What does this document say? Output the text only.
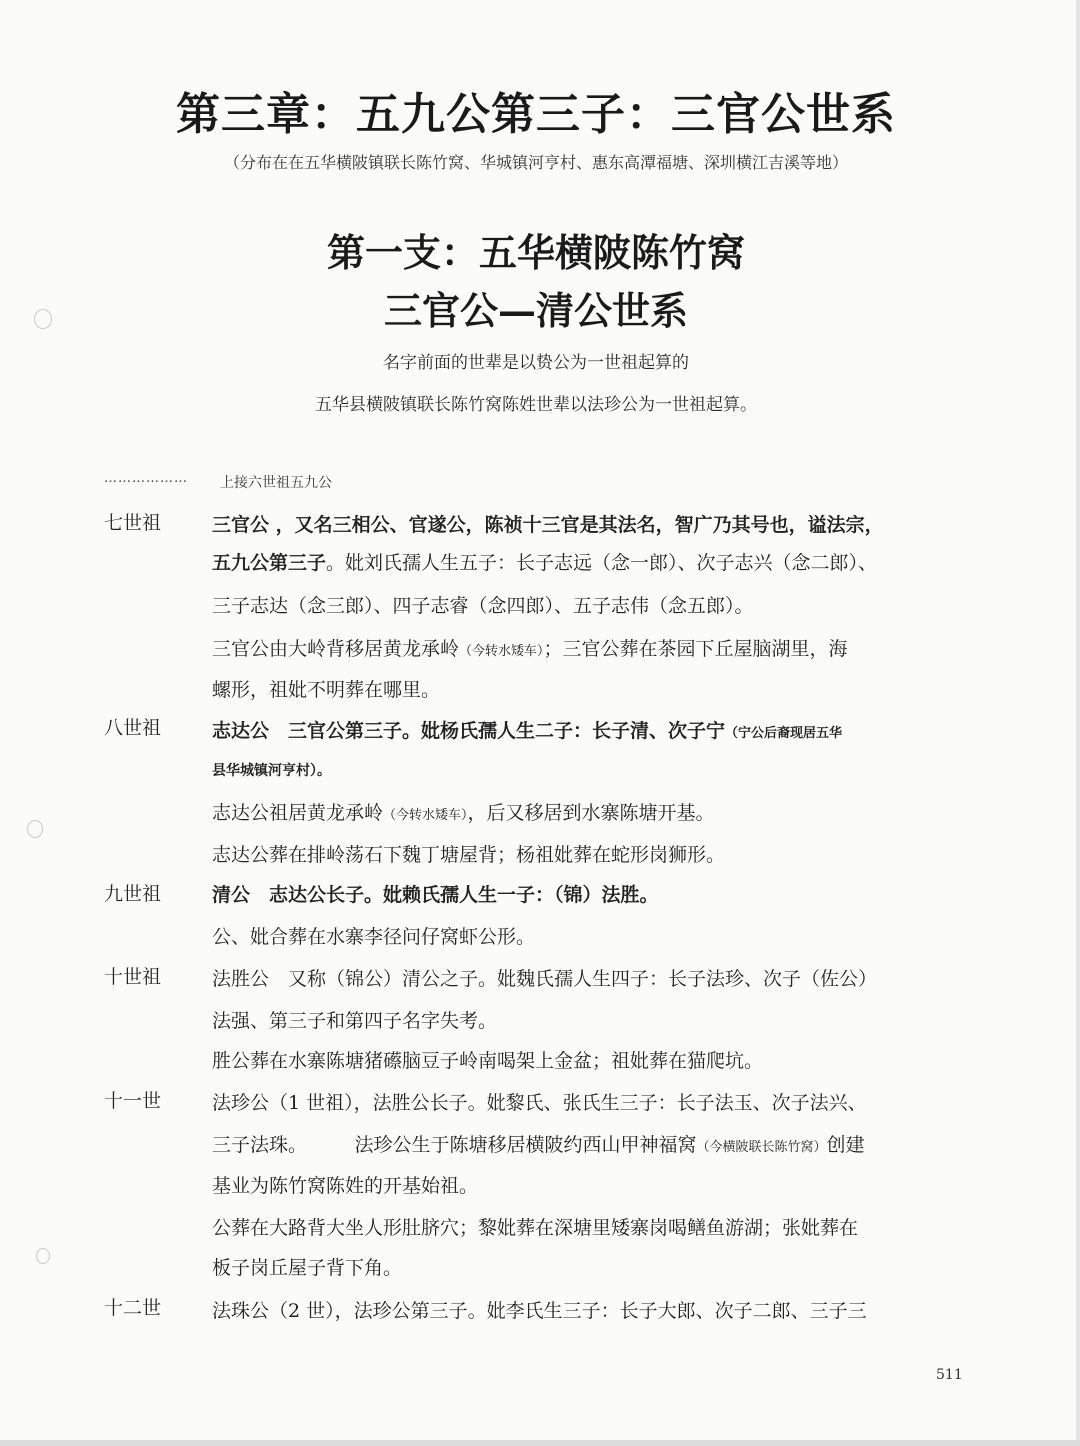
第三章：五九公第三子：三官公世系
（分布在在五华横陂镇联长陈竹窝、华城镇河亨村、惠东高潭福塘、深圳横江吉溪等地）
第一支：五华横陂陈竹窝
三官公—清公世系
名字前面的世辈是以贽公为一世祖起算的
五华县横陂镇联长陈竹窝陈姓世辈以法珍公为一世祖起算。
……………… 上接六世祖五九公
七世祖	三官公 ，又名三相公、官遂公，陈祯十三官是其法名，智广乃其号也，谥法宗，
五九公第三子。妣刘氏孺人生五子：长子志远（念一郎）、次子志兴（念二郎）、
三子志达（念三郎）、四子志睿（念四郎）、五子志伟（念五郎）。
三官公由大岭背移居黄龙承岭（今转水矮车）；三官公葬在茶园下丘屋脑湖里，海
螺形，祖妣不明葬在哪里。
八世祖	志达公　三官公第三子。妣杨氏孺人生二子：长子清、次子宁（宁公后裔现居五华
县华城镇河亨村）。
志达公祖居黄龙承岭（今转水矮车），后又移居到水寨陈塘开基。
志达公葬在排岭荡石下魏丁塘屋背；杨祖妣葬在蛇形岗狮形。
九世祖	清公　志达公长子。妣赖氏孺人生一子：（锦）法胜。
公、妣合葬在水寨李径问仔窝虾公形。
十世祖	法胜公　又称（锦公）清公之子。妣魏氏孺人生四子：长子法珍、次子（佐公）
法强、第三子和第四子名字失考。
胜公葬在水寨陈塘猪礤脑豆子岭南喝架上金盆；祖妣葬在猫爬坑。
十一世	法珍公（1 世祖），法胜公长子。妣黎氏、张氏生三子：长子法玉、次子法兴、
三子法珠。　　　法珍公生于陈塘移居横陂约西山甲神福窝（今横陂联长陈竹窝）创建
基业为陈竹窝陈姓的开基始祖。
公葬在大路背大坐人形肚脐穴；黎妣葬在深塘里矮寨岗喝鳝鱼游湖；张妣葬在
板子岗丘屋子背下角。
十二世	法珠公（2 世），法珍公第三子。妣李氏生三子：长子大郎、次子二郎、三子三
511
